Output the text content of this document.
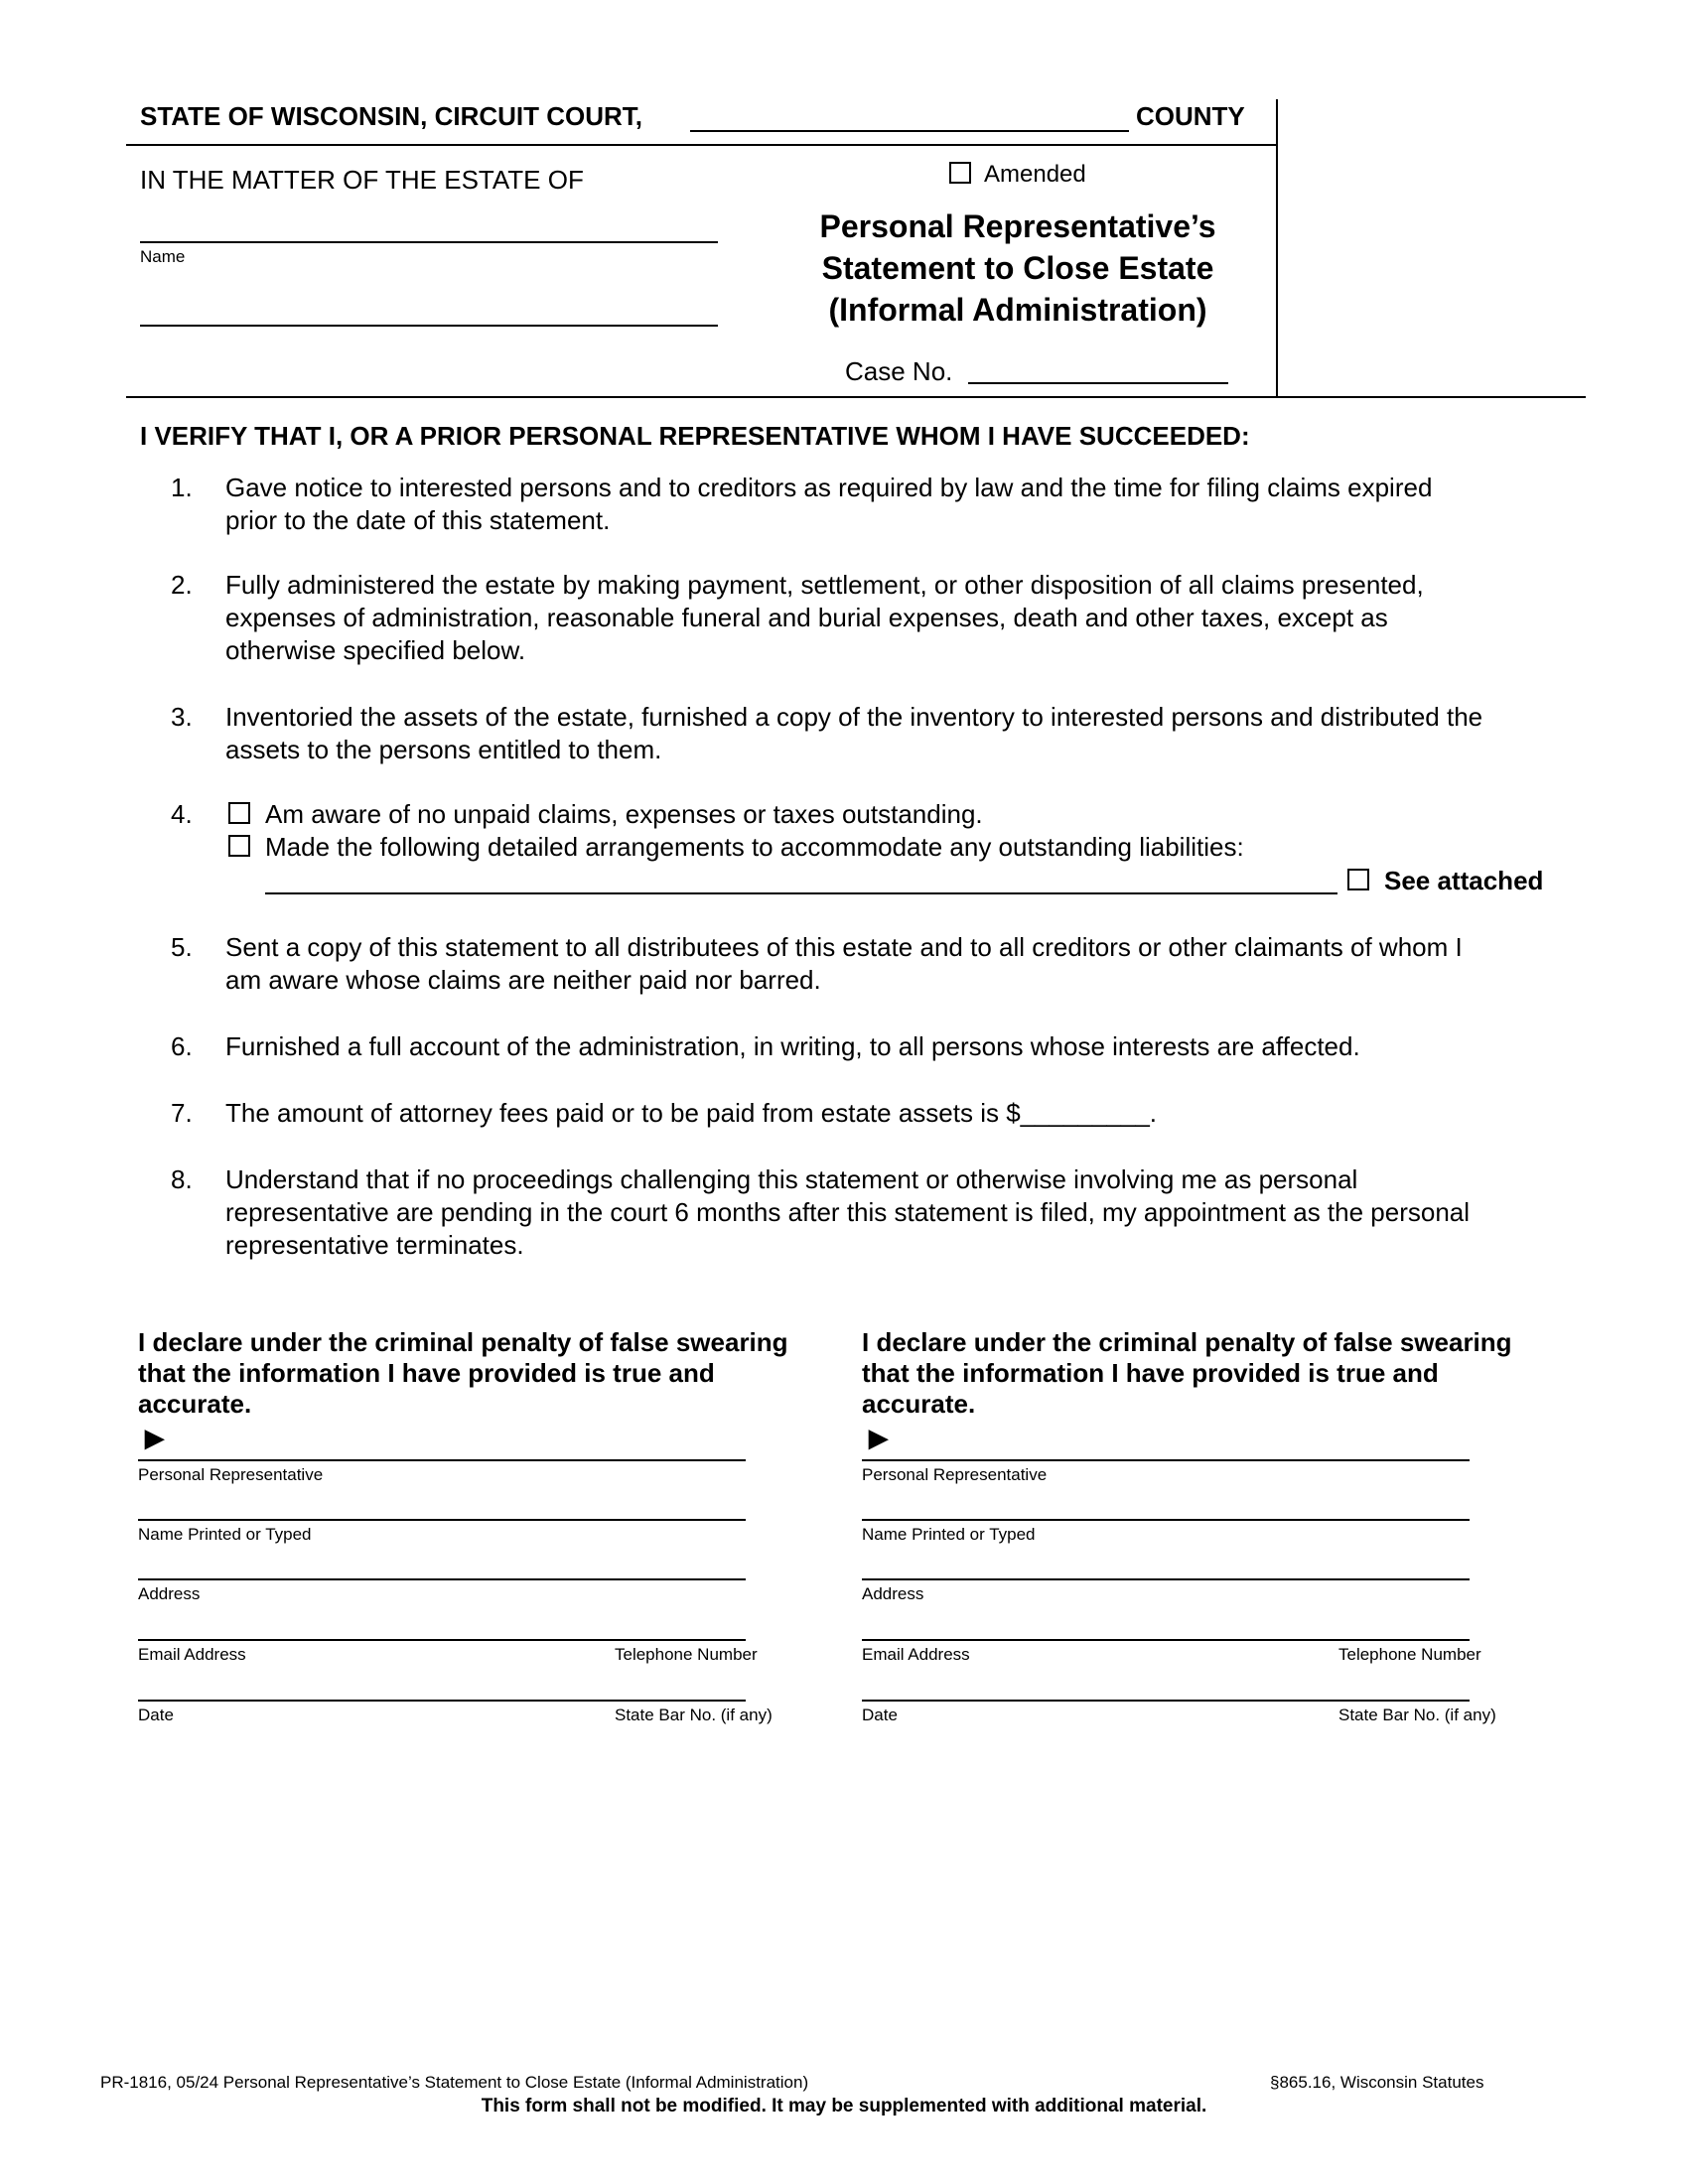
STATE OF WISCONSIN, CIRCUIT COURT,	COUNTY
IN THE MATTER OF THE ESTATE OF
Name
Amended
Personal Representative’s
Statement to Close Estate
(Informal Administration)
Case No.
I VERIFY THAT I, OR A PRIOR PERSONAL REPRESENTATIVE WHOM I HAVE SUCCEEDED:
1. Gave notice to interested persons and to creditors as required by law and the time for filing claims expired
prior to the date of this statement.
2. Fully administered the estate by making payment, settlement, or other disposition of all claims presented,
expenses of administration, reasonable funeral and burial expenses, death and other taxes, except as
otherwise specified below.
3. Inventoried the assets of the estate, furnished a copy of the inventory to interested persons and distributed the
assets to the persons entitled to them.
4.	Am aware of no unpaid claims, expenses or taxes outstanding.
Made the following detailed arrangements to accommodate any outstanding liabilities:
See attached
5. Sent a copy of this statement to all distributees of this estate and to all creditors or other claimants of whom I
am aware whose claims are neither paid nor barred.
6. Furnished a full account of the administration, in writing, to all persons whose interests are affected.
7. The amount of attorney fees paid or to be paid from estate assets is $_________.
8. Understand that if no proceedings challenging this statement or otherwise involving me as personal
representative are pending in the court 6 months after this statement is filed, my appointment as the personal
representative terminates.
I declare under the criminal penalty of false swearing
that the information I have provided is true and
accurate.
►
Personal Representative
Name Printed or Typed
Address
Email Address	Telephone Number
Date	State Bar No. (if any)
I declare under the criminal penalty of false swearing
that the information I have provided is true and
accurate.
►
Personal Representative
Name Printed or Typed
Address
Email Address	Telephone Number
Date	State Bar No. (if any)
PR-1816, 05/24 Personal Representative’s Statement to Close Estate (Informal Administration)	§865.16, Wisconsin Statutes
This form shall not be modified. It may be supplemented with additional material.
